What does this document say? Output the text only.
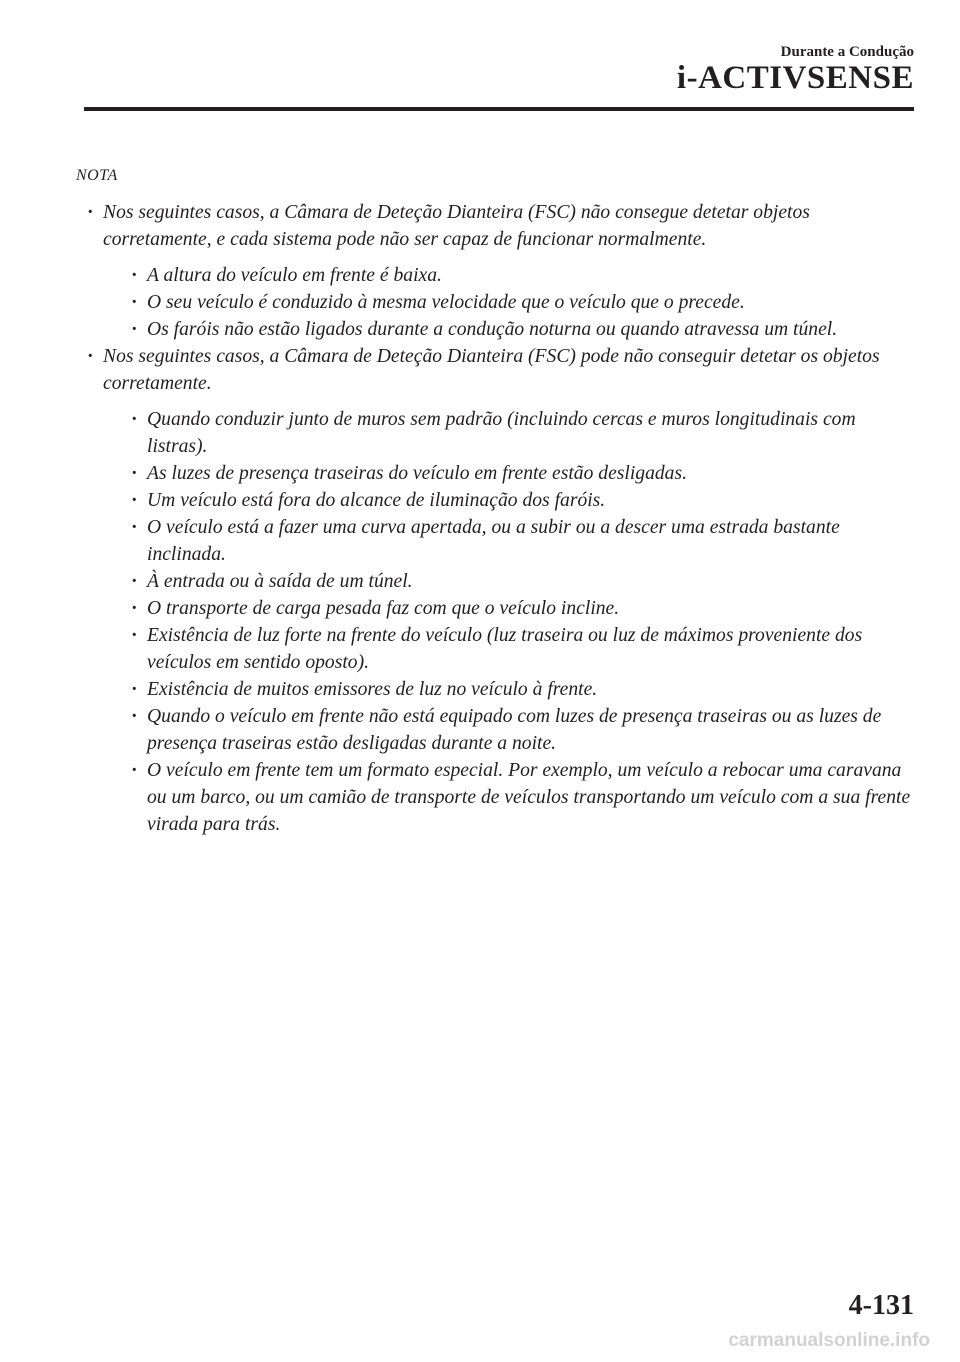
Durante a Condução
i-ACTIVSENSE
NOTA
· Nos seguintes casos, a Câmara de Deteção Dianteira (FSC) não consegue detetar objetos corretamente, e cada sistema pode não ser capaz de funcionar normalmente.
· A altura do veículo em frente é baixa.
· O seu veículo é conduzido à mesma velocidade que o veículo que o precede.
· Os faróis não estão ligados durante a condução noturna ou quando atravessa um túnel.
· Nos seguintes casos, a Câmara de Deteção Dianteira (FSC) pode não conseguir detetar os objetos corretamente.
· Quando conduzir junto de muros sem padrão (incluindo cercas e muros longitudinais com listras).
· As luzes de presença traseiras do veículo em frente estão desligadas.
· Um veículo está fora do alcance de iluminação dos faróis.
· O veículo está a fazer uma curva apertada, ou a subir ou a descer uma estrada bastante inclinada.
· À entrada ou à saída de um túnel.
· O transporte de carga pesada faz com que o veículo incline.
· Existência de luz forte na frente do veículo (luz traseira ou luz de máximos proveniente dos veículos em sentido oposto).
· Existência de muitos emissores de luz no veículo à frente.
· Quando o veículo em frente não está equipado com luzes de presença traseiras ou as luzes de presença traseiras estão desligadas durante a noite.
· O veículo em frente tem um formato especial. Por exemplo, um veículo a rebocar uma caravana ou um barco, ou um camião de transporte de veículos transportando um veículo com a sua frente virada para trás.
4-131
carmanualsonline.info
